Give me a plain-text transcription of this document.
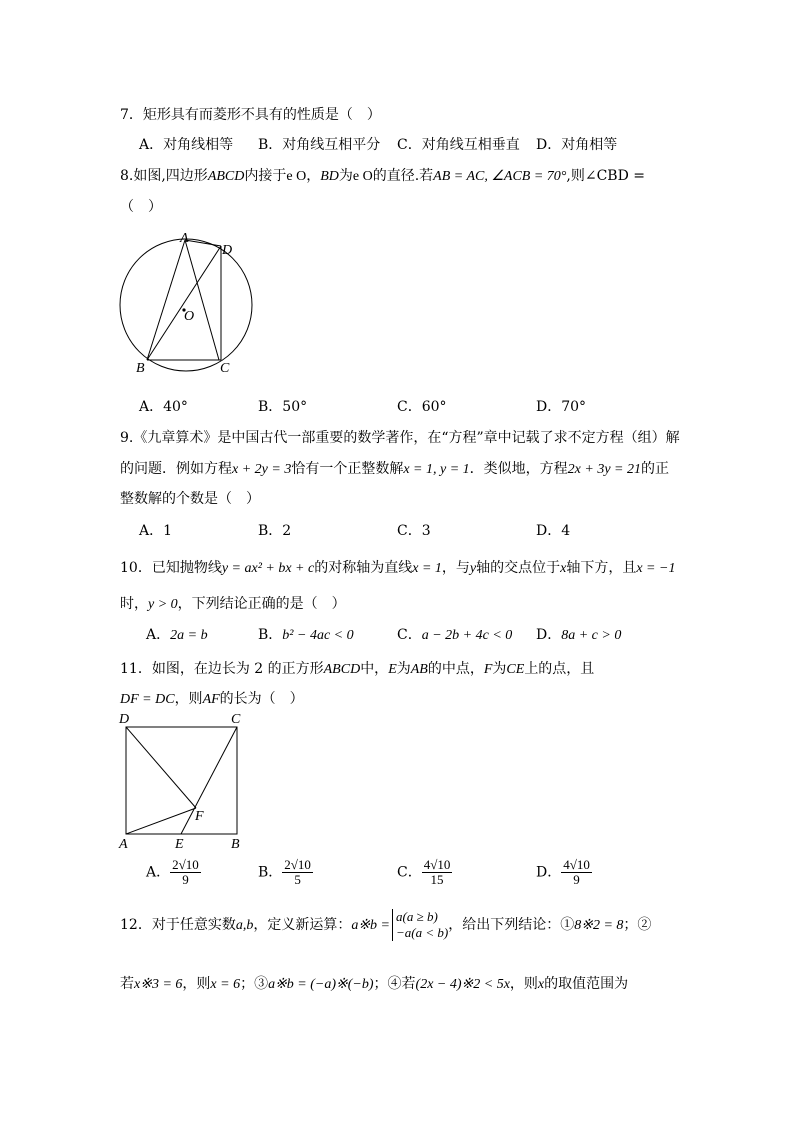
7．矩形具有而菱形不具有的性质是（　）
A．对角线相等 B．对角线互相平分 C．对角线互相垂直 D．对角相等
8.如图,四边形ABCD内接于e O，BD为e O的直径.若AB = AC, ∠ACB = 70°,则∠CBD =
（　）
A
D
O
B	C
A．40°	B．50°	C．60°	D．70°
9.《九章算术》是中国古代一部重要的数学著作，在“方程”章中记载了求不定方程（组）解
的问题．例如方程x + 2y = 3恰有一个正整数解x = 1, y = 1．类似地，方程2x + 3y = 21的正
整数解的个数是（　）
A．1	B．2	C．3	D．4
10．已知抛物线y = ax² + bx + c的对称轴为直线x = 1，与y轴的交点位于x轴下方，且x = −1
时，y > 0，下列结论正确的是（　）
A．2a = b	B．b² − 4ac < 0	C．a − 2b + 4c < 0 D．8a + c > 0
11．如图，在边长为 2 的正方形ABCD中，E为AB的中点，F为CE上的点，且
DF = DC，则AF的长为（　）
D	C
F
A	E	B
A． $\frac{2√10}{9}$	B． $\frac{2√10}{5}$	C． $\frac{4√10}{15}$	D． $\frac{4√10}{9}$
12．对于任意实数a,b，定义新运算：a※b =
a(a ≥ b)
−a(a < b) ，给出下列结论：①8※2 = 8；②
若x※3 = 6，则x = 6；③a※b = (−a)※(−b)；④若(2x − 4)※2 < 5x，则x的取值范围为
